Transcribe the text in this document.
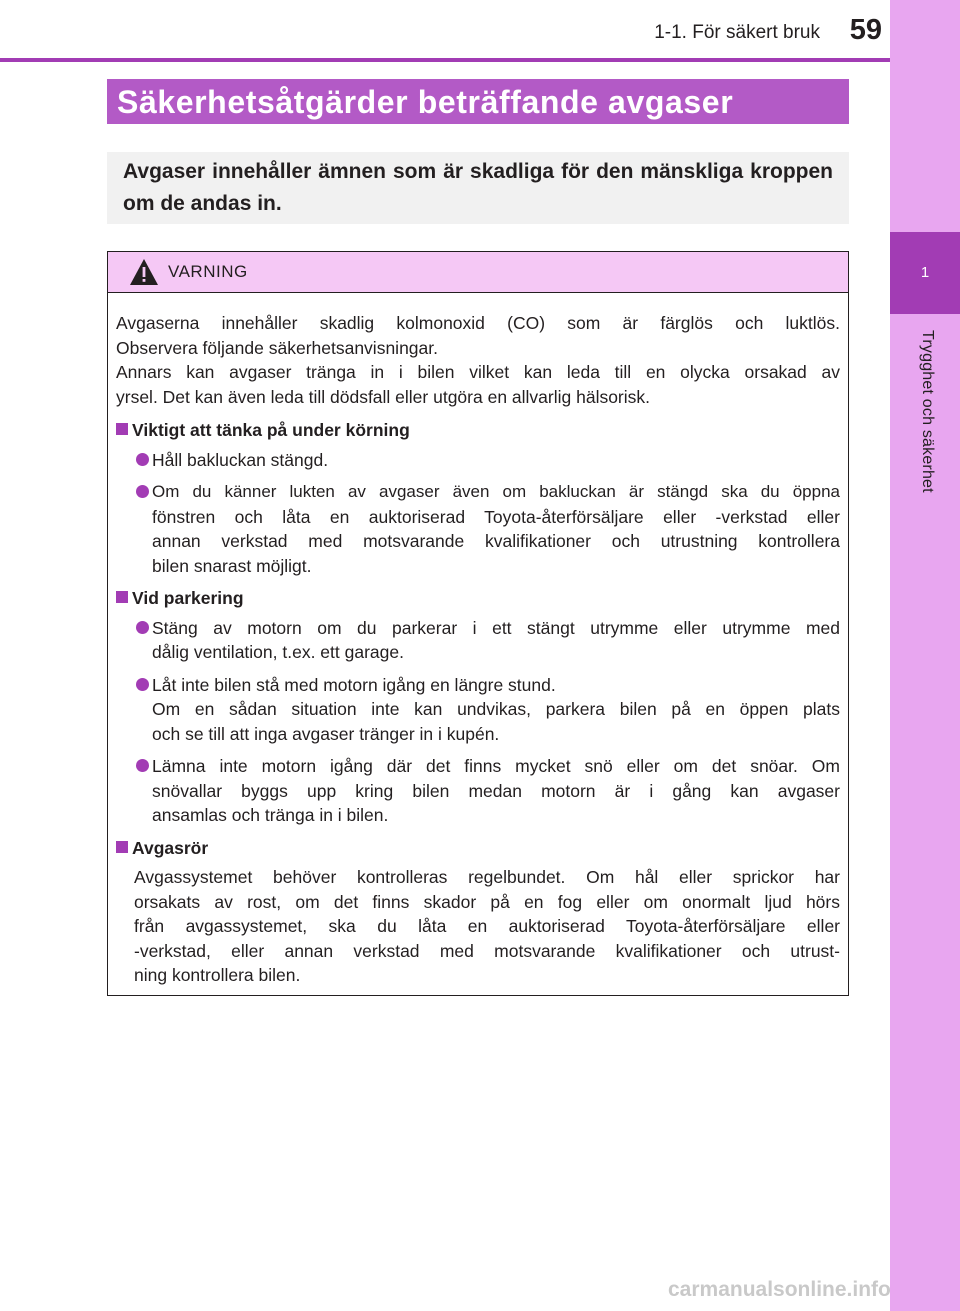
1
Trygghet och säkerhet
1-1. För säkert bruk	59
Säkerhetsåtgärder beträffande avgaser
Avgaser innehåller ämnen som är skadliga för den mänskliga kroppen om de andas in.
VARNING
Avgaserna innehåller skadlig kolmonoxid (CO) som är färglös och luktlös.
Observera följande säkerhetsanvisningar.
Annars kan avgaser tränga in i bilen vilket kan leda till en olycka orsakad av
yrsel. Det kan även leda till dödsfall eller utgöra en allvarlig hälsorisk.
Viktigt att tänka på under körning
Håll bakluckan stängd.
Om du känner lukten av avgaser även om bakluckan är stängd ska du öppna
fönstren och låta en auktoriserad Toyota-återförsäljare eller -verkstad eller
annan verkstad med motsvarande kvalifikationer och utrustning kontrollera
bilen snarast möjligt.
Vid parkering
Stäng av motorn om du parkerar i ett stängt utrymme eller utrymme med
dålig ventilation, t.ex. ett garage.
Låt inte bilen stå med motorn igång en längre stund.
Om en sådan situation inte kan undvikas, parkera bilen på en öppen plats
och se till att inga avgaser tränger in i kupén.
Lämna inte motorn igång där det finns mycket snö eller om det snöar. Om
snövallar byggs upp kring bilen medan motorn är i gång kan avgaser
ansamlas och tränga in i bilen.
Avgasrör
Avgassystemet behöver kontrolleras regelbundet. Om hål eller sprickor har
orsakats av rost, om det finns skador på en fog eller om onormalt ljud hörs
från avgassystemet, ska du låta en auktoriserad Toyota-återförsäljare eller
-verkstad, eller annan verkstad med motsvarande kvalifikationer och utrust-
ning kontrollera bilen.
carmanualsonline.info
